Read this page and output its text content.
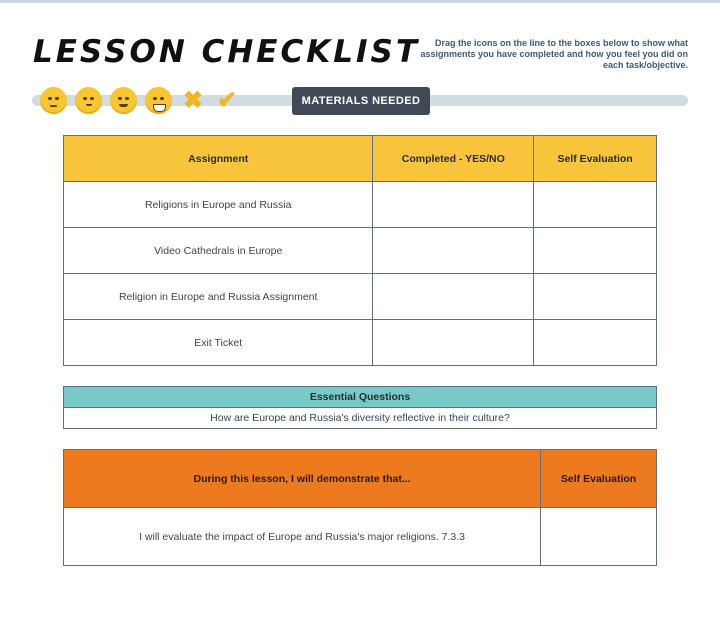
LESSON CHECKLIST	Drag the icons on the line to the boxes below to show what assignments you have completed and how you feel you did on each task/objective.
✖ ✔	MATERIALS NEEDED
Assignment	Completed - YES/NO	Self Evaluation
Religions in Europe and Russia		
Video Cathedrals in Europe		
Religion in Europe and Russia Assignment		
Exit Ticket		
Essential Questions
How are Europe and Russia's diversity reflective in their culture?
During this lesson, I will demonstrate that...	Self Evaluation
I will evaluate the impact of Europe and Russia's major religions. 7.3.3	
